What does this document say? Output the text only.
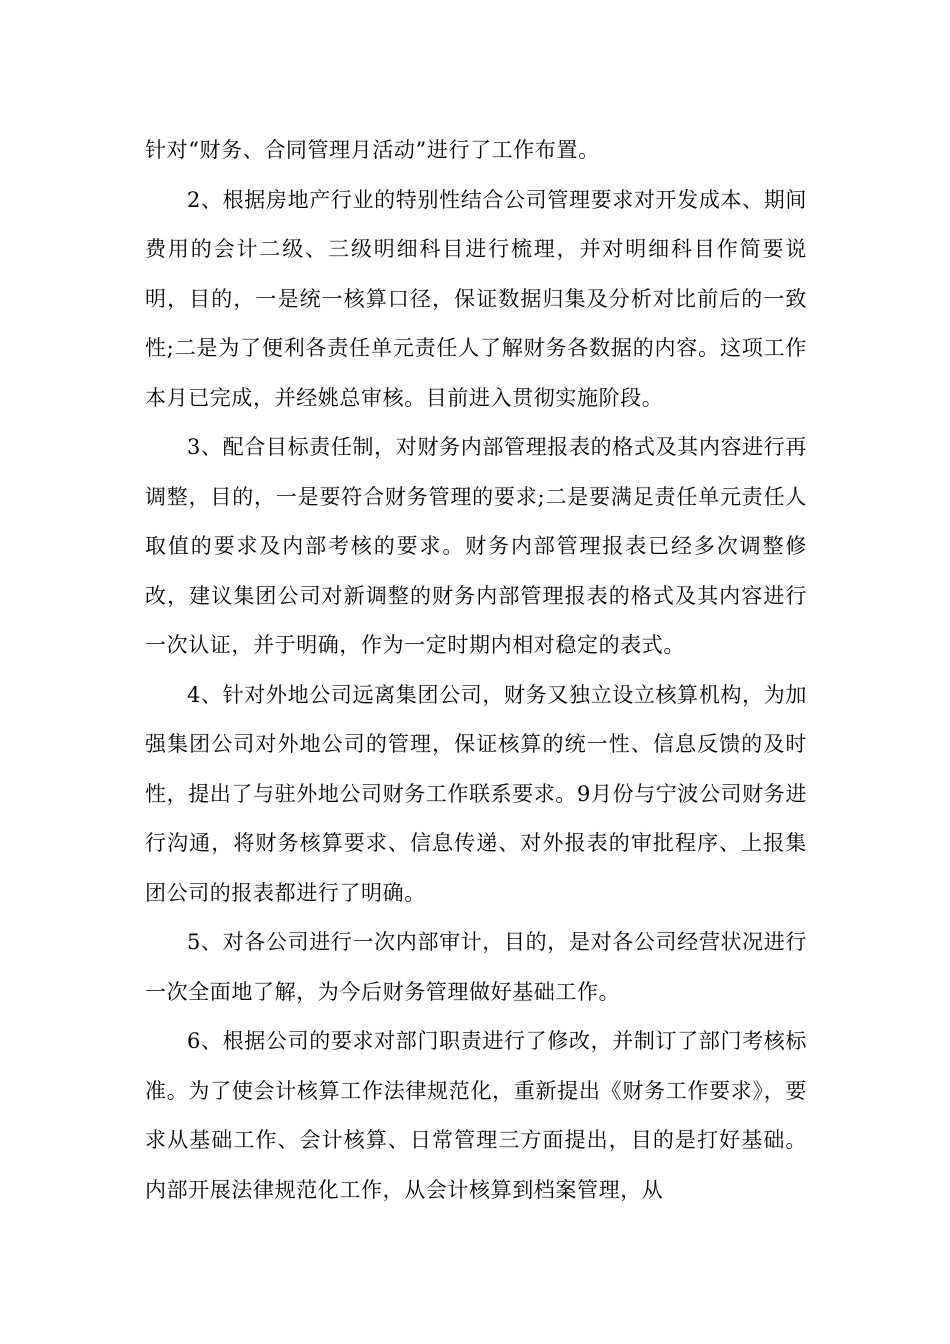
针对“财务、合同管理月活动”进行了工作布置。

2、根据房地产行业的特别性结合公司管理要求对开发成本、期间费用的会计二级、三级明细科目进行梳理，并对明细科目作简要说明，目的，一是统一核算口径，保证数据归集及分析对比前后的一致性;二是为了便利各责任单元责任人了解财务各数据的内容。这项工作本月已完成，并经姚总审核。目前进入贯彻实施阶段。

3、配合目标责任制，对财务内部管理报表的格式及其内容进行再调整，目的，一是要符合财务管理的要求;二是要满足责任单元责任人取值的要求及内部考核的要求。财务内部管理报表已经多次调整修改，建议集团公司对新调整的财务内部管理报表的格式及其内容进行一次认证，并于明确，作为一定时期内相对稳定的表式。

4、针对外地公司远离集团公司，财务又独立设立核算机构，为加强集团公司对外地公司的管理，保证核算的统一性、信息反馈的及时性，提出了与驻外地公司财务工作联系要求。9月份与宁波公司财务进行沟通，将财务核算要求、信息传递、对外报表的审批程序、上报集团公司的报表都进行了明确。

5、对各公司进行一次内部审计，目的，是对各公司经营状况进行一次全面地了解，为今后财务管理做好基础工作。

6、根据公司的要求对部门职责进行了修改，并制订了部门考核标准。为了使会计核算工作法律规范化，重新提出《财务工作要求》，要求从基础工作、会计核算、日常管理三方面提出，目的是打好基础。内部开展法律规范化工作，从会计核算到档案管理，从
